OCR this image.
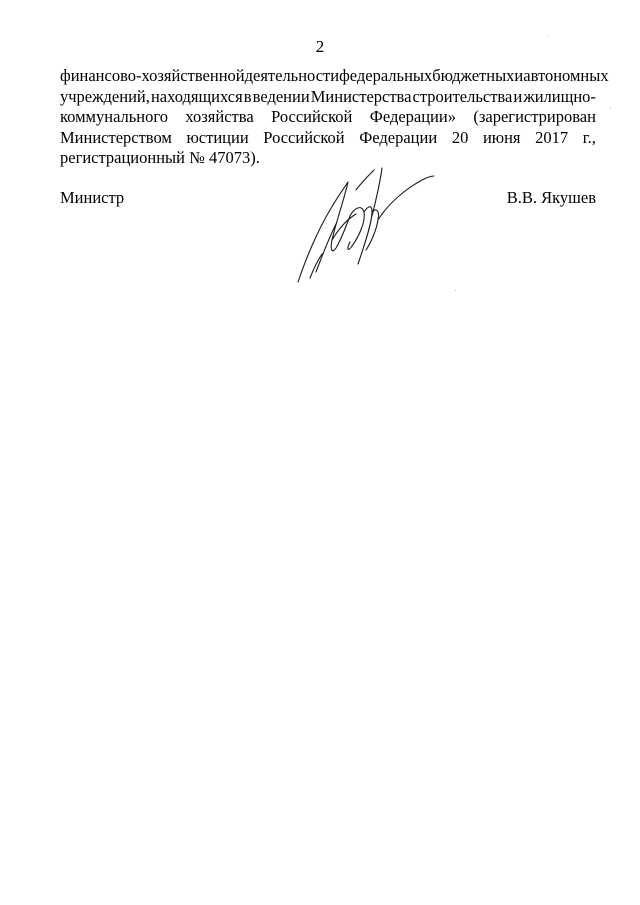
2
финансово-хозяйственной деятельности федеральных бюджетных и автономных
учреждений, находящихся в ведении Министерства строительства и жилищно-
коммунального хозяйства Российской Федерации» (зарегистрирован
Министерством юстиции Российской Федерации 20 июня 2017 г.,
регистрационный № 47073).
Министр	В.В. Якушев
